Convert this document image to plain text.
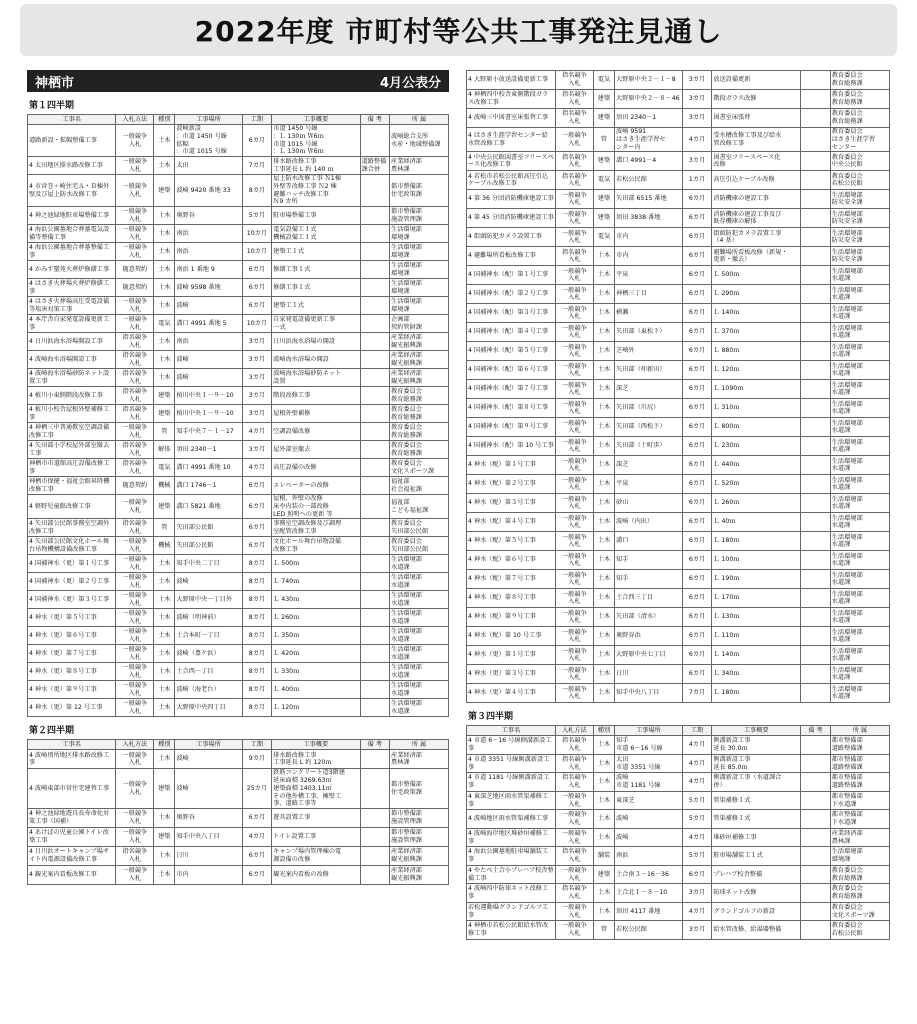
2022年度 市町村等公共工事発注見通し
神栖市	4月公表分
第１四半期
工事名	入札方法	種別	工事場所	工期	工事概要	備 考	所 属
道路新設・拡幅整備工事	一般競争
入札	土木	波崎新設
：市道 1450 号線
拡幅
：市道 1015 号線	6カ月	市道 1450 号線
：Ｌ 130ｍ Ｗ6ｍ
市道 1015 号線
：Ｌ 130ｍ Ｗ6ｍ		波崎総合支所
水産・地域整備課
4 太田地区排水路改修工事	一般競争
入札	土木	太田	7カ月	排水路改修工事
工事延長 L 約 140 ｍ	道路整備課合併	産業経済部
農林課
4 市営巻ヶ崎住宅Ａ・Ｂ棟外壁及び屋上防水改修工事	一般競争
入札	建築	波崎 9420 番地 33	8カ月	屋上防水改修工事 Ｎ1棟
外壁等改修工事 Ｎ2 棟
避難ハッチ改修工事
Ｎ9 カ所		都市整備部
住宅政策課
4 神之池緑地駐車場整備工事	一般競争
入札	土木	奥野谷	5カ月	駐車場整備工事		都市整備部
施設管理課
4 海浜公園墓地合葬墓電気設備等整備工事	一般競争
入札	土木	南浜	10カ月	電気設備工１式
機械設備工１式		生活環境部
環境課
4 海浜公園墓地合葬墓整備工事	一般競争
入札	土木	南浜	10カ月	建築工１式		生活環境部
環境課
4 かみす聖苑火葬炉修繕工事	随意契約	土木	南浜 1 番地 9	6カ月	修繕工事１式		生活環境部
環境課
4 はさき火葬場火葬炉修繕工事	随意契約	土木	波崎 9598 番地	6カ月	修繕工事１式		生活環境部
環境課
4 はさき火葬場高圧受電設備等塩害対策工事	一般競争
入札	土木	波崎	6カ月	建築工１式		生活環境部
環境課
4 本庁舎自家発電設備更新工事	一般競争
入札	電気	溝口 4991 番地 5	10カ月	自家発電設備更新工事
一式		企画部
契約管財課
4 日川浜海水浴場開設工事	指名競争
入札	土木	南浜	3カ月	日川浜海水浴場の開設		産業経済部
観光振興課
4 波崎海水浴場開設工事	指名競争
入札	土木	波崎	3カ月	波崎海水浴場の開設		産業経済部
観光振興課
4 波崎海水浴場砂防ネット設置工事	指名競争
入札	土木	波崎	3カ月	波崎海水浴場砂防ネット
設置		産業経済部
観光振興課
4 植川小東側階段改修工事	指名競争
入札	建築	植川中央１－９－10	3カ月	階段改修工事		教育委員会
教育総務課
4 植川小校舎屋根外壁補修工事	指名競争
入札	建築	植川中央１－９－10	3カ月	屋根外壁補修		教育委員会
教育総務課
4 神栖三中普通教室空調設備改修工事	一般競争
入札	管	知手中央７－１－17	4カ月	空調設備改修		教育委員会
教育総務課
4 矢田部小学校屋外部室撤去工事	指名競争
入札	解体	須田 2340－1	3カ月	屋外部室撤去		教育委員会
教育総務課
神栖市市道館高圧設備改修工事	指名競争
入札	電気	溝口 4991 番地 10	4カ月	高圧設備の改修		教育委員会
文化スポーツ課
神栖市保健・福祉会館昇降機改修工事	随意契約	機械	溝口 1746－1	6カ月	エレベーターの改修		福祉部
社会福祉課
4 軽野児童館改修工事	一般競争
入札	建築	溝口 5821 番地	6カ月	屋根、外壁の改修
床や内装の一部改修
LED 照明への更新 等		福祉部
こども福祉課
4 矢田部公民館事務室空調外改修工事	指名競争
入札	管	矢田部公民館	6カ月	事務室空調改修及び調理
室配管改修工事		教育委員会
矢田部公民館
4 矢田部公民館文化ホール舞台吊物機構設備改修工事	一般競争
入札	機械	矢田部公民館	6カ月	文化ホール舞台吊物設備
改修工事		教育委員会
矢田部公民館
4 国補神水（更）第１号工事	一般競争
入札	土木	知手中央二丁目	8カ月	Ｌ 500ｍ		生活環境部
水道課
4 国補神水（更）第２号工事	一般競争
入札	土木	波崎	8カ月	Ｌ 740ｍ		生活環境部
水道課
4 国補神水（更）第３号工事	一般競争
入札	土木	大野原中央一丁目外	8カ月	Ｌ 430ｍ		生活環境部
水道課
4 神水（更）第５号工事	一般競争
入札	土木	波崎（明神前）	8カ月	Ｌ 260ｍ		生活環境部
水道課
4 神水（更）第６号工事	一般競争
入札	土木	土合本町一丁目	8カ月	Ｌ 350ｍ		生活環境部
水道課
4 神水（更）第７号工事	一般競争
入札	土木	波崎（豊ケ浜）	8カ月	Ｌ 420ｍ		生活環境部
水道課
4 神水（更）第８号工事	一般競争
入札	土木	土合西一丁目	8カ月	Ｌ 330ｍ		生活環境部
水道課
4 神水（更）第９号工事	一般競争
入札	土木	波崎（海老台）	8カ月	Ｌ 400ｍ		生活環境部
水道課
4 神水（更）第 12 号工事	一般競争
入札	土木	大野原中央四丁目	8カ月	Ｌ 120ｍ		生活環境部
水道課
第２四半期
工事名	入札方法	種別	工事場所	工期	工事概要	備 考	所 属
4 波崎別所地区排水路改修工事	一般競争
入札	土木	波崎	9カ月	排水路改修工事
工事延長 L 約 120ｍ		産業経済部
農林課
4 波崎東部市営住宅建替工事	一般競争
入札	建築	波崎	25カ月	鉄筋コンクリート造3階建
延床面積 3269.63㎡
建築面積 1403.11㎡
その他外構工事、擁壁工
事、道路工事等		都市整備部
住宅政策課
4 神之池緑地遊具長寿命化対策工事（国補）	一般競争
入札	土木	奥野谷	6カ月	遊具設置工事		都市整備部
施設管理課
4 あけぼの児童公園トイレ改築工事	一般競争
入札	建築	知手中央八丁目	4カ月	トイレ設置工事		都市整備部
施設管理課
4 日川浜オートキャンプ場サイト内電源設備改修工事	指名競争
入札	土木	日川	6カ月	キャンプ場内管理棟の電
源設備の改修		産業経済部
観光振興課
4 観光案内看板改修工事	一般競争
入札	土木	市内	6カ月	観光案内看板の改修		産業経済部
観光振興課
4 大野原小放送設備更新工事	指名競争
入札	電気	大野原中央２－１－8	3カ月	放送設備更新		教育委員会
教育総務課
4 神栖四中校舎東側階段ガラス改修工事	指名競争
入札	建築	大野原中央２－８－46	3カ月	階段ガラス改修		教育委員会
教育総務課
4 波崎三中図書室床張替工事	指名競争
入札	建築	須田 2340－1	3カ月	図書室床張替		教育委員会
教育総務課
4 はさき生涯学習センター給水管改修工事	一般競争
入札	管	波崎 9591
はさき生涯学習セ
ンター内	4カ月	受水槽改修工事及び給水
管改修工事		教育委員会
はさき生涯学習
センター
4 中央公民館図書室フリースペース化改修工事	指名競争
入札	建築	溝口 4991－4	3カ月	図書室フリースペース化
改修		教育委員会
中央公民館
4 若松市若松公民館高圧引込ケーブル改修工事	指名競争
入札	電気	若松公民館	1カ月	高圧引込ケーブル改修		教育委員会
若松公民館
4 第 36 分団消防機庫建設工事	一般競争
入札	建築	矢田部 6515 番地	6カ月	消防機庫の建設工事		生活環境部
防災安全課
4 第 45 分団消防機庫建設工事	一般競争
入札	建築	須田 3838 番地	6カ月	消防機庫の建設工事及び
既存機庫の解体		生活環境部
防災安全課
4 街頭防犯カメラ設置工事	一般競争
入札	電気	市内	6カ月	街頭防犯カメラ設置工事
（4 基）		生活環境部
防災安全課
4 避難場所看板改修工事	指名競争
入札	土木	市内	6カ月	避難場所看板改修（新規・
更新・撤去）		生活環境部
防災安全課
4 国補神水（配）第１号工事	一般競争
入札	土木	平泉	6カ月	Ｌ 500ｍ		生活環境部
水道課
4 国補神水（配）第２号工事	一般競争
入札	土木	神栖三丁目	6カ月	Ｌ 290ｍ		生活環境部
水道課
4 国補神水（配）第３号工事	一般競争
入札	土木	横瀬	6カ月	Ｌ 140ｍ		生活環境部
水道課
4 国補神水（配）第４号工事	一般競争
入札	土木	矢田部（東松下）	6カ月	Ｌ 370ｍ		生活環境部
水道課
4 国補神水（配）第５号工事	一般競争
入札	土木	芝崎外	6カ月	Ｌ 880ｍ		生活環境部
水道課
4 国補神水（配）第６号工事	一般競争
入札	土木	矢田部（仲新田）	6カ月	Ｌ 120ｍ		生活環境部
水道課
4 国補神水（配）第７号工事	一般競争
入札	土木	深芝	6カ月	Ｌ 1090ｍ		生活環境部
水道課
4 国補神水（配）第８号工事	一般競争
入札	土木	矢田部（川尻）	6カ月	Ｌ 310ｍ		生活環境部
水道課
4 国補神水（配）第９号工事	一般競争
入札	土木	矢田部（西松下）	6カ月	Ｌ 800ｍ		生活環境部
水道課
4 国補神水（配）第 10 号工事	一般競争
入札	土木	矢田部（十町歩）	6カ月	Ｌ 230ｍ		生活環境部
水道課
4 神水（配）第１号工事	一般競争
入札	土木	深芝	6カ月	Ｌ 440ｍ		生活環境部
水道課
4 神水（配）第２号工事	一般競争
入札	土木	平泉	6カ月	Ｌ 520ｍ		生活環境部
水道課
4 神水（配）第３号工事	一般競争
入札	土木	砂山	6カ月	Ｌ 260ｍ		生活環境部
水道課
4 神水（配）第４号工事	一般競争
入札	土木	波崎（内出）	6カ月	Ｌ 40ｍ		生活環境部
水道課
4 神水（配）第５号工事	一般競争
入札	土木	溝口	6カ月	Ｌ 180ｍ		生活環境部
水道課
4 神水（配）第６号工事	一般競争
入札	土木	知手	6カ月	Ｌ 100ｍ		生活環境部
水道課
4 神水（配）第７号工事	一般競争
入札	土木	知手	6カ月	Ｌ 190ｍ		生活環境部
水道課
4 神水（配）第８号工事	一般競争
入札	土木	土合西三丁目	6カ月	Ｌ 170ｍ		生活環境部
水道課
4 神水（配）第９号工事	一般競争
入札	土木	矢田部（清水）	6カ月	Ｌ 130ｍ		生活環境部
水道課
4 神水（配）第 10 号工事	一般競争
入札	土木	奥野谷浜	6カ月	Ｌ 110ｍ		生活環境部
水道課
4 神水（更）第１号工事	一般競争
入札	土木	大野原中央七丁目	6カ月	Ｌ 140ｍ		生活環境部
水道課
4 神水（更）第３号工事	一般競争
入札	土木	日川	6カ月	Ｌ 340ｍ		生活環境部
水道課
4 神水（更）第４号工事	一般競争
入札	土木	知手中央八丁目	7カ月	Ｌ 180ｍ		生活環境部
水道課
第３四半期
工事名	入札方法	種別	工事場所	工期	工事概要	備 考	所 属
4 市道 6－16 号線側溝新設工事	指名競争
入札	土木	知手
市道 6－16 号線	4カ月	側溝新設工事
延長 30.0ｍ		都市整備部
道路整備課
4 市道 3351 号線側溝新設工事	指名競争
入札	土木	太田
市道 3351 号線	4カ月	側溝新設工事
延長 85.0ｍ		都市整備部
道路整備課
4 市道 1181 号線側溝新設工事	指名競争
入札	土木	波崎
市道 1181 号線	4カ月	側溝新設工事（水道課合
併）		都市整備部
道路整備課
4 東深芝地区雨水管渠補修工事	一般競争
入札	土木	東深芝	5カ月	管渠補修１式		都市整備部
下水道課
4 波崎地区雨水管渠補修工事	一般競争
入札	土木	波崎	5カ月	管渠補修１式		都市整備部
下水道課
4 波崎海岸地区堆砂垣補修工事	一般競争
入札	土木	波崎	4カ月	堆砂垣補修工事		産業経済部
農林課
4 海浜公園墓地駐車場舗装工事	指名競争
入札	舗装	南浜	5カ月	駐車場舗装工１式		生活環境部
環境課
4 やたべ土合小プレハブ校舎整備工事	一般競争
入札	建築	土合南３－16－36	6カ月	プレハブ校舎整備		教育委員会
教育総務課
4 波崎四中防球ネット改修工事	指名競争
入札	土木	土合北１－８－10	3カ月	防球ネット改修		教育委員会
教育総務課
若松運動場グランドゴルフ工事	一般競争
入札	土木	須田 4117 番地	4カ月	グランドゴルフの新設		教育委員会
文化スポーツ課
4 神栖市若松公民館給水管改修工事	一般競争
入札	管	若松公民館	3カ月	給水管改修、給湯器整備		教育委員会
若松公民館
